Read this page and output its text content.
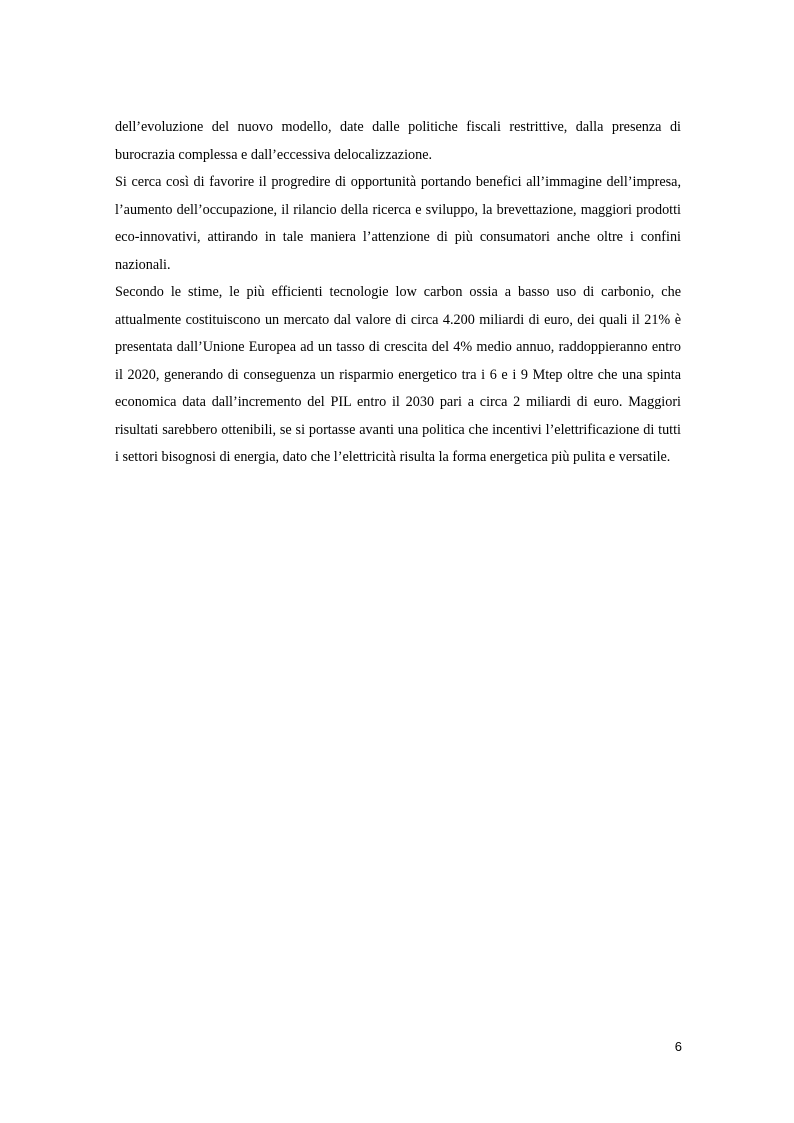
dell’evoluzione del nuovo modello, date dalle politiche fiscali restrittive, dalla presenza di burocrazia complessa e dall’eccessiva delocalizzazione.

Si cerca così di favorire il progredire di opportunità portando benefici all’immagine dell’impresa, l’aumento dell’occupazione, il rilancio della ricerca e sviluppo, la brevettazione, maggiori prodotti eco-innovativi, attirando in tale maniera l’attenzione di più consumatori anche oltre i confini nazionali.

Secondo le stime, le più efficienti tecnologie low carbon ossia a basso uso di carbonio, che attualmente costituiscono un mercato dal valore di circa 4.200 miliardi di euro, dei quali il 21% è presentata dall’Unione Europea ad un tasso di crescita del 4% medio annuo, raddoppieranno entro il 2020, generando di conseguenza un risparmio energetico tra i 6 e i 9 Mtep oltre che una spinta economica data dall’incremento del PIL entro il 2030 pari a circa 2 miliardi di euro. Maggiori risultati sarebbero ottenibili, se si portasse avanti una politica che incentivi l’elettrificazione di tutti i settori bisognosi di energia, dato che l’elettricità risulta la forma energetica più pulita e versatile.

6
